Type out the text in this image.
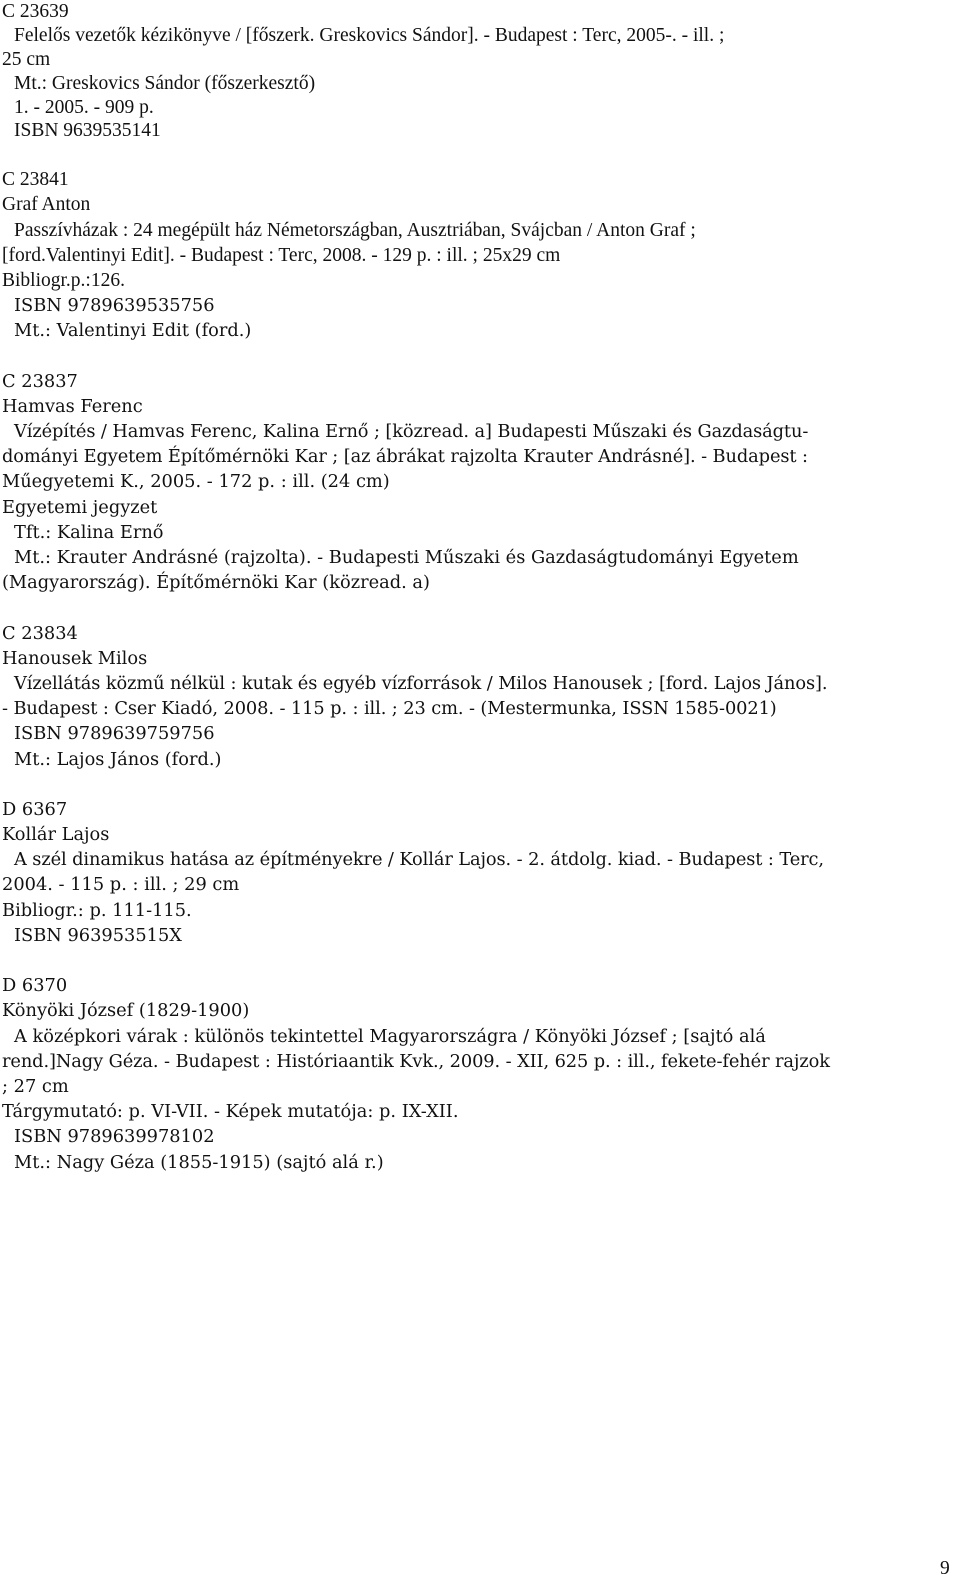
C 23639
Felelős vezetők kézikönyve / [főszerk. Greskovics Sándor]. - Budapest : Terc, 2005-. - ill. ;
25 cm
Mt.: Greskovics Sándor (főszerkesztő)
1. - 2005. - 909 p.
ISBN 9639535141
C 23841
Graf Anton
Passzívházak : 24 megépült ház Németországban, Ausztriában, Svájcban / Anton Graf ;
[ford.Valentinyi Edit]. - Budapest : Terc, 2008. - 129 p. : ill. ; 25x29 cm
Bibliogr.p.:126.
ISBN 9789639535756
Mt.: Valentinyi Edit (ford.)
C 23837
Hamvas Ferenc
Vízépítés / Hamvas Ferenc, Kalina Ernő ; [közread. a] Budapesti Műszaki és Gazdaságtu-
dományi Egyetem Építőmérnöki Kar ; [az ábrákat rajzolta Krauter Andrásné]. - Budapest :
Műegyetemi K., 2005. - 172 p. : ill. (24 cm)
Egyetemi jegyzet
Tft.: Kalina Ernő
Mt.: Krauter Andrásné (rajzolta). - Budapesti Műszaki és Gazdaságtudományi Egyetem
(Magyarország). Építőmérnöki Kar (közread. a)
C 23834
Hanousek Milos
Vízellátás közmű nélkül : kutak és egyéb vízforrások / Milos Hanousek ; [ford. Lajos János].
- Budapest : Cser Kiadó, 2008. - 115 p. : ill. ; 23 cm. - (Mestermunka, ISSN 1585-0021)
ISBN 9789639759756
Mt.: Lajos János (ford.)
D 6367
Kollár Lajos
A szél dinamikus hatása az építményekre / Kollár Lajos. - 2. átdolg. kiad. - Budapest : Terc,
2004. - 115 p. : ill. ; 29 cm
Bibliogr.: p. 111-115.
ISBN 963953515X
D 6370
Könyöki József (1829-1900)
A középkori várak : különös tekintettel Magyarországra / Könyöki József ; [sajtó alá
rend.]Nagy Géza. - Budapest : Históriaantik Kvk., 2009. - XII, 625 p. : ill., fekete-fehér rajzok
; 27 cm
Tárgymutató: p. VI-VII. - Képek mutatója: p. IX-XII.
ISBN 9789639978102
Mt.: Nagy Géza (1855-1915) (sajtó alá r.)
9
